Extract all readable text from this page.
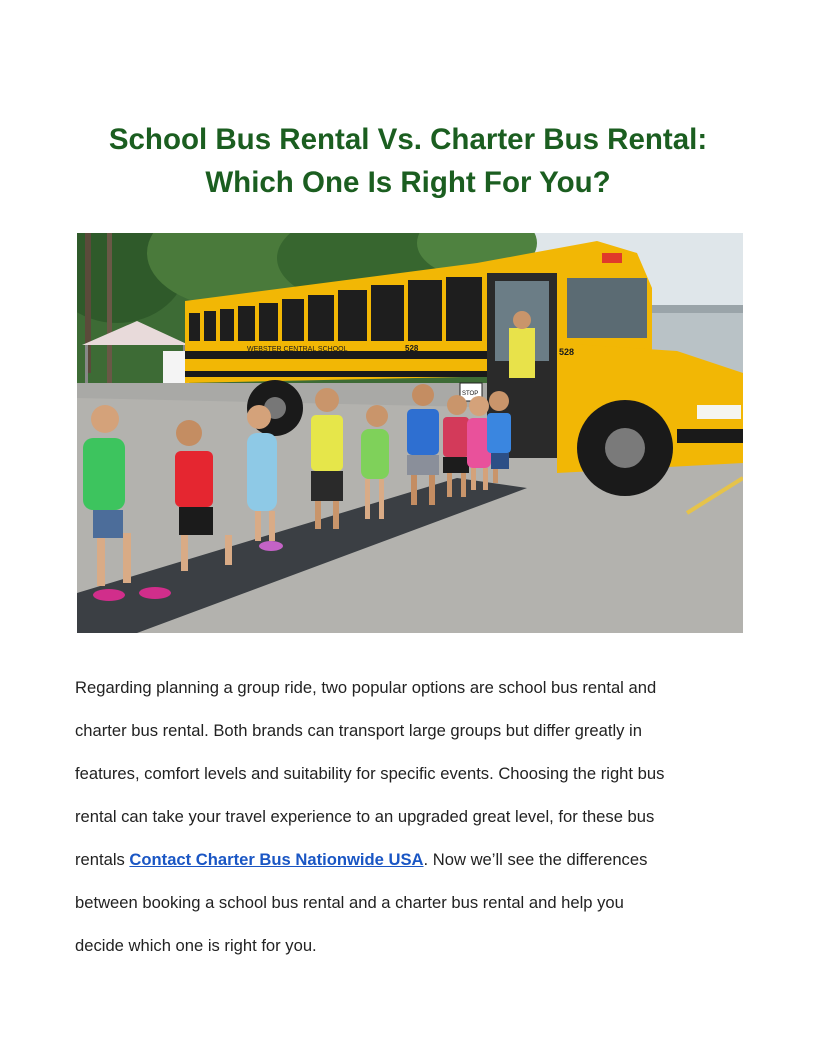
School Bus Rental Vs. Charter Bus Rental:
Which One Is Right For You?
WEBSTER CENTRAL SCHOOL	528	528
STOP

Regarding planning a group ride, two popular options are school bus rental and
charter bus rental. Both brands can transport large groups but differ greatly in
features, comfort levels and suitability for specific events. Choosing the right bus
rental can take your travel experience to an upgraded great level, for these bus
rentals Contact Charter Bus Nationwide USA. Now we’ll see the differences
between booking a school bus rental and a charter bus rental and help you
decide which one is right for you.
